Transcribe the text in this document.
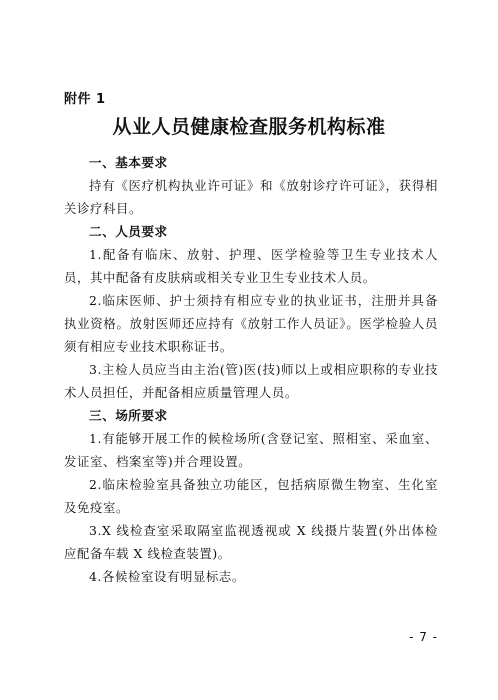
附件 1
从业人员健康检查服务机构标准
一、基本要求
持有《医疗机构执业许可证》和《放射诊疗许可证》，获得相关诊疗科目。
二、人员要求
1.配备有临床、放射、护理、医学检验等卫生专业技术人员，其中配备有皮肤病或相关专业卫生专业技术人员。
2.临床医师、护士须持有相应专业的执业证书，注册并具备执业资格。放射医师还应持有《放射工作人员证》。医学检验人员须有相应专业技术职称证书。
3.主检人员应当由主治(管)医(技)师以上或相应职称的专业技术人员担任，并配备相应质量管理人员。
三、场所要求
1.有能够开展工作的候检场所(含登记室、照相室、采血室、发证室、档案室等)并合理设置。
2.临床检验室具备独立功能区，包括病原微生物室、生化室及免疫室。
3.X 线检查室采取隔室监视透视或 X 线摄片装置(外出体检应配备车载 X 线检查装置)。
4.各候检室设有明显标志。
- 7 -
